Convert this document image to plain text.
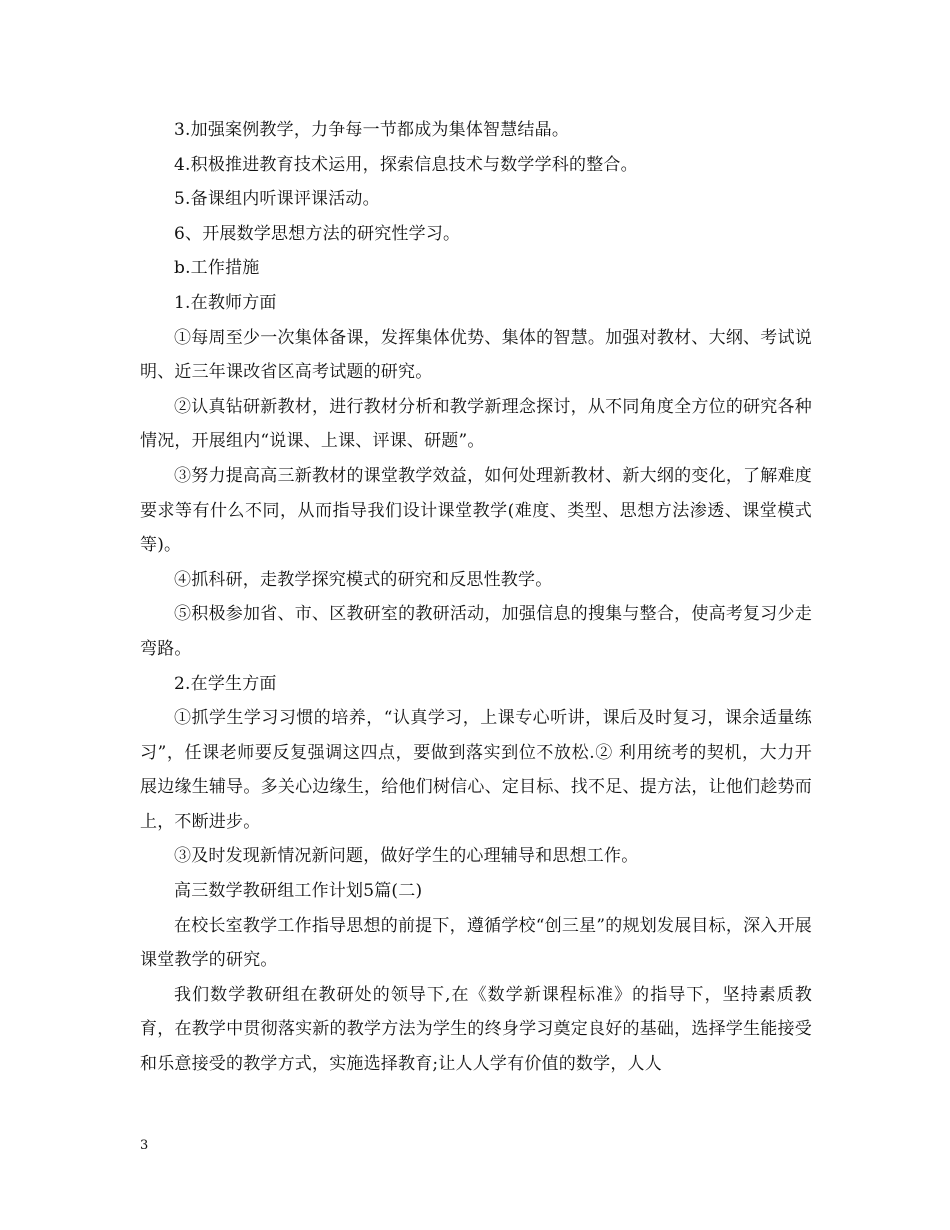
3.加强案例教学，力争每一节都成为集体智慧结晶。

4.积极推进教育技术运用，探索信息技术与数学学科的整合。

5.备课组内听课评课活动。

6、开展数学思想方法的研究性学习。

b.工作措施

1.在教师方面

①每周至少一次集体备课，发挥集体优势、集体的智慧。加强对教材、大纲、考试说明、近三年课改省区高考试题的研究。

②认真钻研新教材，进行教材分析和教学新理念探讨，从不同角度全方位的研究各种情况，开展组内“说课、上课、评课、研题”。

③努力提高高三新教材的课堂教学效益，如何处理新教材、新大纲的变化，了解难度要求等有什么不同，从而指导我们设计课堂教学(难度、类型、思想方法渗透、课堂模式等)。

④抓科研，走教学探究模式的研究和反思性教学。

⑤积极参加省、市、区教研室的教研活动，加强信息的搜集与整合，使高考复习少走弯路。

2.在学生方面

①抓学生学习习惯的培养，“认真学习，上课专心听讲，课后及时复习，课余适量练习”，任课老师要反复强调这四点，要做到落实到位不放松.② 利用统考的契机，大力开展边缘生辅导。多关心边缘生，给他们树信心、定目标、找不足、提方法，让他们趁势而上，不断进步。

③及时发现新情况新问题，做好学生的心理辅导和思想工作。

高三数学教研组工作计划5篇(二)

在校长室教学工作指导思想的前提下，遵循学校“创三星”的规划发展目标，深入开展课堂教学的研究。

我们数学教研组在教研处的领导下,在《数学新课程标准》的指导下，坚持素质教育，在教学中贯彻落实新的教学方法为学生的终身学习奠定良好的基础，选择学生能接受和乐意接受的教学方式，实施选择教育;让人人学有价值的数学，人人

3
